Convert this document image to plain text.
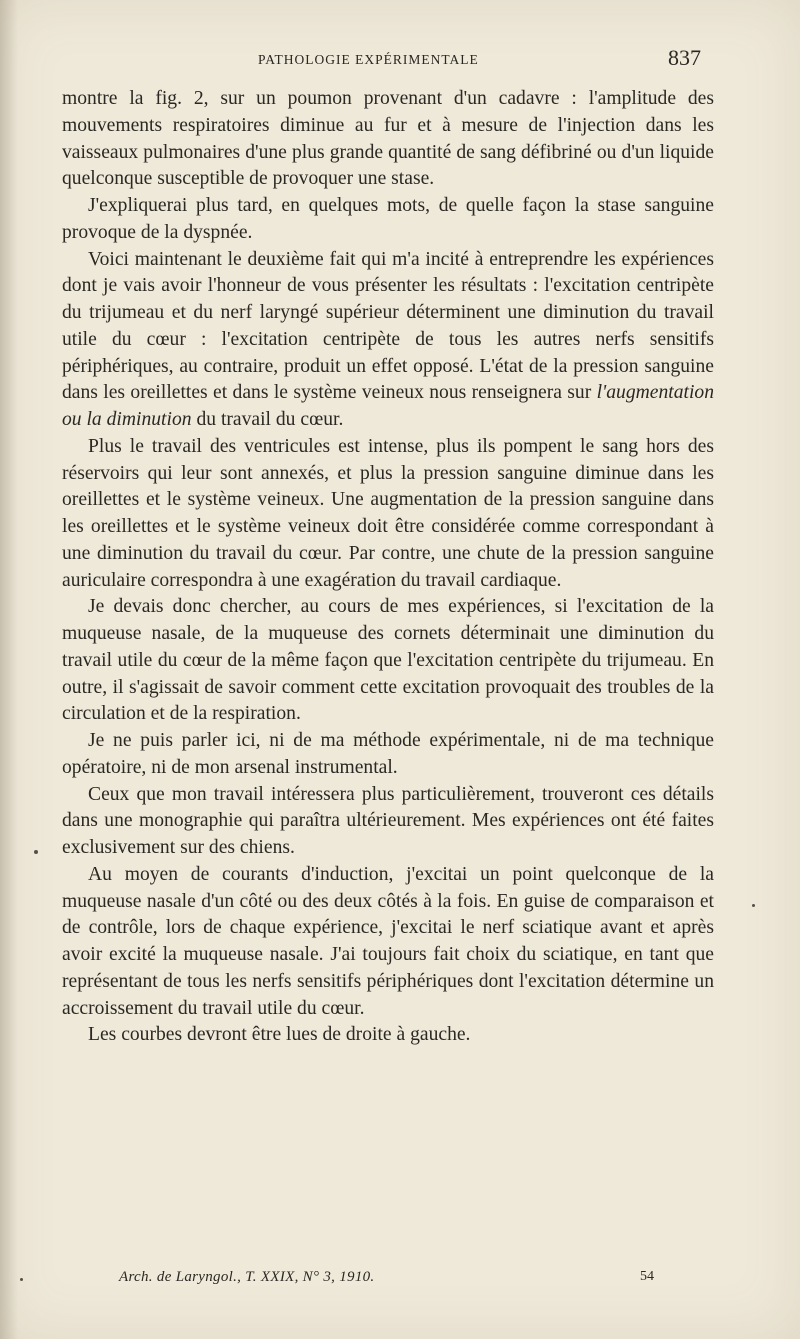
PATHOLOGIE EXPÉRIMENTALE	837

montre la fig. 2, sur un poumon provenant d'un cadavre : l'amplitude des mouvements respiratoires diminue au fur et à mesure de l'injection dans les vaisseaux pulmonaires d'une plus grande quantité de sang défibriné ou d'un liquide quelconque susceptible de provoquer une stase.

J'expliquerai plus tard, en quelques mots, de quelle façon la stase sanguine provoque de la dyspnée.

Voici maintenant le deuxième fait qui m'a incité à entreprendre les expériences dont je vais avoir l'honneur de vous présenter les résultats : l'excitation centripète du trijumeau et du nerf laryngé supérieur déterminent une diminution du travail utile du cœur : l'excitation centripète de tous les autres nerfs sensitifs périphériques, au contraire, produit un effet opposé. L'état de la pression sanguine dans les oreillettes et dans le système veineux nous renseignera sur l'augmentation ou la diminution du travail du cœur.

Plus le travail des ventricules est intense, plus ils pompent le sang hors des réservoirs qui leur sont annexés, et plus la pression sanguine diminue dans les oreillettes et le système veineux. Une augmentation de la pression sanguine dans les oreillettes et le système veineux doit être considérée comme correspondant à une diminution du travail du cœur. Par contre, une chute de la pression sanguine auriculaire correspondra à une exagération du travail cardiaque.

Je devais donc chercher, au cours de mes expériences, si l'excitation de la muqueuse nasale, de la muqueuse des cornets déterminait une diminution du travail utile du cœur de la même façon que l'excitation centripète du trijumeau. En outre, il s'agissait de savoir comment cette excitation provoquait des troubles de la circulation et de la respiration.

Je ne puis parler ici, ni de ma méthode expérimentale, ni de ma technique opératoire, ni de mon arsenal instrumental.

Ceux que mon travail intéressera plus particulièrement, trouveront ces détails dans une monographie qui paraîtra ultérieurement. Mes expériences ont été faites exclusivement sur des chiens.

Au moyen de courants d'induction, j'excitai un point quelconque de la muqueuse nasale d'un côté ou des deux côtés à la fois. En guise de comparaison et de contrôle, lors de chaque expérience, j'excitai le nerf sciatique avant et après avoir excité la muqueuse nasale. J'ai toujours fait choix du sciatique, en tant que représentant de tous les nerfs sensitifs périphériques dont l'excitation détermine un accroissement du travail utile du cœur.

Les courbes devront être lues de droite à gauche.

Arch. de Laryngol., T. XXIX, N° 3, 1910.	54
